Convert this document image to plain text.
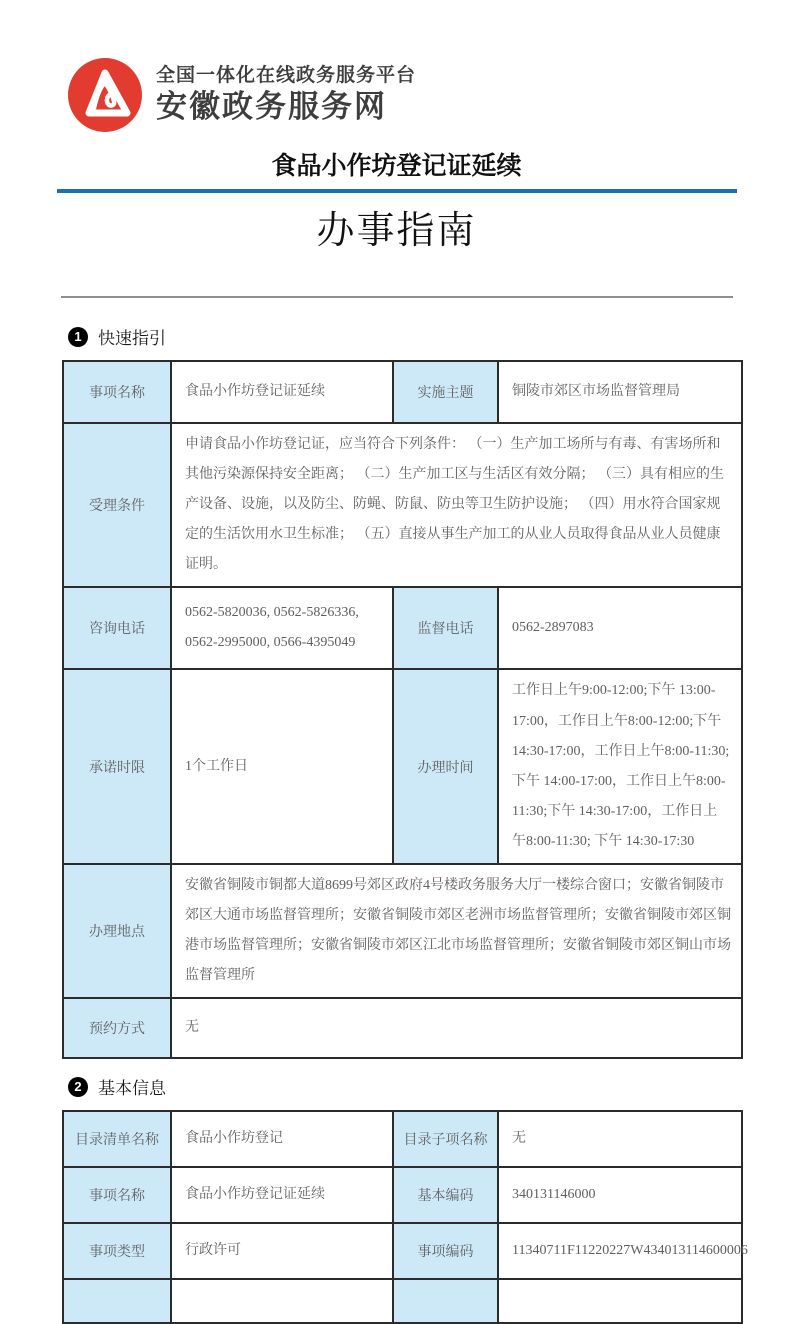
全国一体化在线政务服务平台
安徽政务服务网
食品小作坊登记证延续
办事指南
1 快速指引
事项名称	食品小作坊登记证延续	实施主题	铜陵市郊区市场监督管理局
受理条件	申请食品小作坊登记证，应当符合下列条件： （一）生产加工场所与有毒、有害场所和其他污染源保持安全距离； （二）生产加工区与生活区有效分隔； （三）具有相应的生产设备、设施，以及防尘、防蝇、防鼠、防虫等卫生防护设施； （四）用水符合国家规定的生活饮用水卫生标准； （五）直接从事生产加工的从业人员取得食品从业人员健康证明。		
咨询电话	0562-5820036, 0562-5826336, 0562-2995000, 0566-4395049	监督电话	0562-2897083
承诺时限	1个工作日	办理时间	工作日上午9:00-12:00;下午 13:00-17:00，工作日上午8:00-12:00;下午 14:30-17:00，工作日上午8:00-11:30;下午 14:00-17:00，工作日上午8:00-11:30;下午 14:30-17:00，工作日上午8:00-11:30; 下午 14:30-17:30
办理地点	安徽省铜陵市铜都大道8699号郊区政府4号楼政务服务大厅一楼综合窗口；安徽省铜陵市郊区大通市场监督管理所；安徽省铜陵市郊区老洲市场监督管理所；安徽省铜陵市郊区铜港市场监督管理所；安徽省铜陵市郊区江北市场监督管理所；安徽省铜陵市郊区铜山市场监督管理所		
预约方式	无		
2 基本信息
目录清单名称	食品小作坊登记	目录子项名称	无
事项名称	食品小作坊登记证延续	基本编码	340131146000
事项类型	行政许可	事项编码	11340711F11220227W434013114600006
